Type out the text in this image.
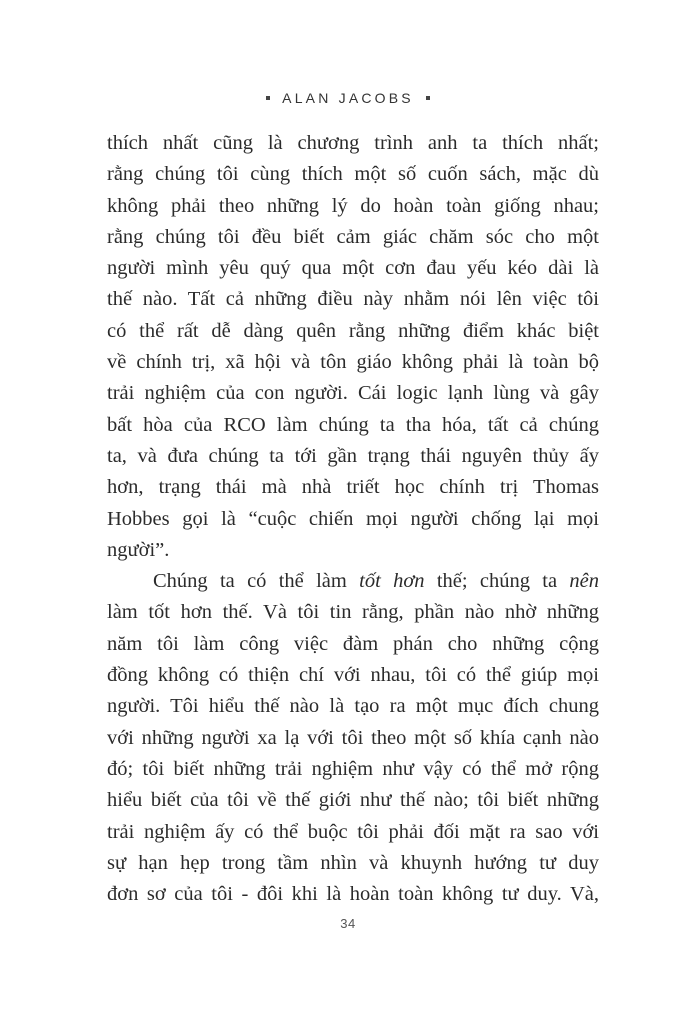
ALAN JACOBS
thích nhất cũng là chương trình anh ta thích nhất;
rằng chúng tôi cùng thích một số cuốn sách, mặc dù
không phải theo những lý do hoàn toàn giống nhau;
rằng chúng tôi đều biết cảm giác chăm sóc cho một
người mình yêu quý qua một cơn đau yếu kéo dài là
thế nào. Tất cả những điều này nhằm nói lên việc tôi
có thể rất dễ dàng quên rằng những điểm khác biệt
về chính trị, xã hội và tôn giáo không phải là toàn bộ
trải nghiệm của con người. Cái logic lạnh lùng và gây
bất hòa của RCO làm chúng ta tha hóa, tất cả chúng
ta, và đưa chúng ta tới gần trạng thái nguyên thủy ấy
hơn, trạng thái mà nhà triết học chính trị Thomas
Hobbes gọi là “cuộc chiến mọi người chống lại mọi
người”.
Chúng ta có thể làm tốt hơn thế; chúng ta nên
làm tốt hơn thế. Và tôi tin rằng, phần nào nhờ những
năm tôi làm công việc đàm phán cho những cộng
đồng không có thiện chí với nhau, tôi có thể giúp mọi
người. Tôi hiểu thế nào là tạo ra một mục đích chung
với những người xa lạ với tôi theo một số khía cạnh nào
đó; tôi biết những trải nghiệm như vậy có thể mở rộng
hiểu biết của tôi về thế giới như thế nào; tôi biết những
trải nghiệm ấy có thể buộc tôi phải đối mặt ra sao với
sự hạn hẹp trong tầm nhìn và khuynh hướng tư duy
đơn sơ của tôi - đôi khi là hoàn toàn không tư duy. Và,
34
